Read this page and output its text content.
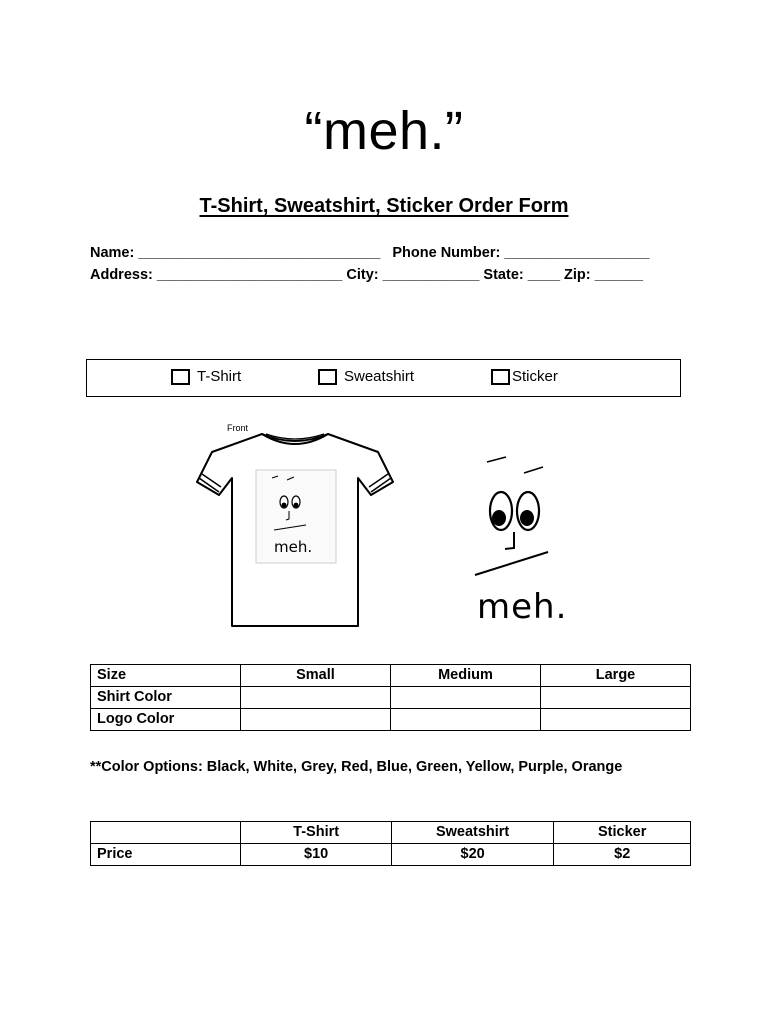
“meh.”
T-Shirt, Sweatshirt, Sticker Order Form
Name: ______________________________   Phone Number: __________________
Address: _______________________ City: ____________ State: ____ Zip: ______
T-Shirt	Sweatshirt	Sticker
Front
meh.
meh.
Size	Small	Medium	Large
Shirt Color			
Logo Color			
**Color Options: Black, White, Grey, Red, Blue, Green, Yellow, Purple, Orange
	T-Shirt	Sweatshirt	Sticker
Price	$10	$20	$2
